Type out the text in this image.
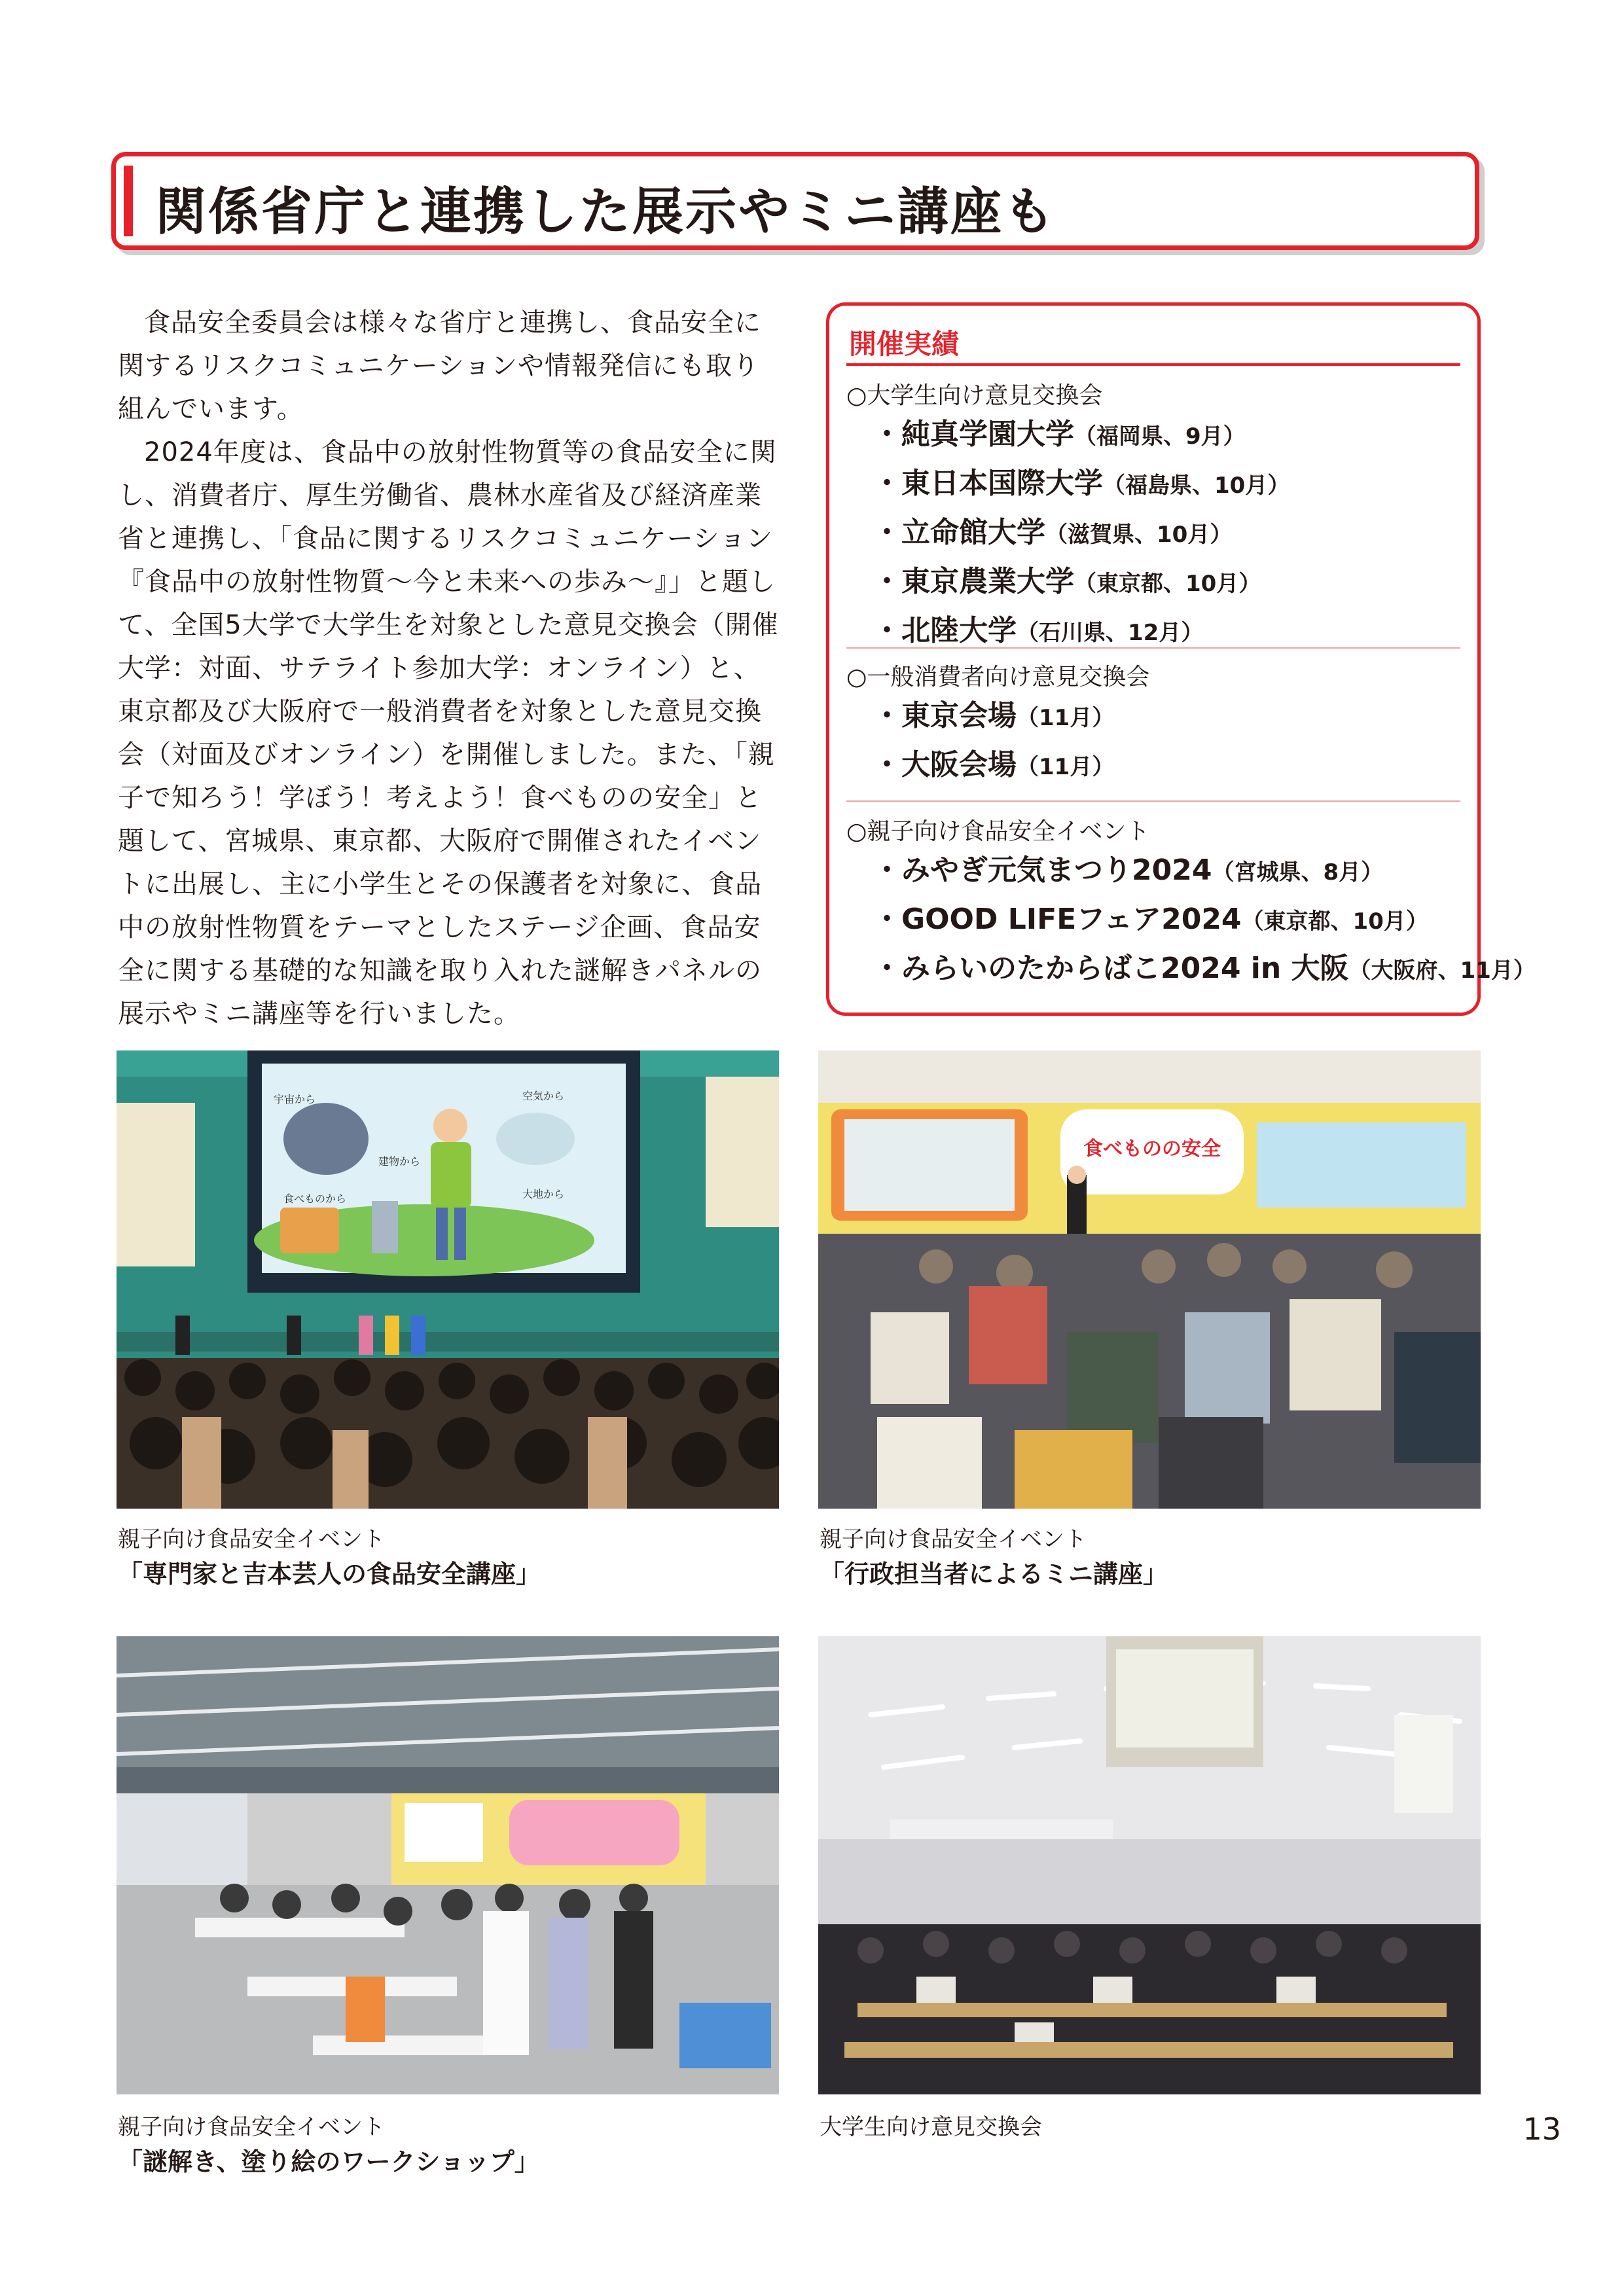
関係省庁と連携した展示やミニ講座も

食品安全委員会は様々な省庁と連携し、食品安全に関するリスクコミュニケーションや情報発信にも取り組んでいます。

2024年度は、食品中の放射性物質等の食品安全に関し、消費者庁、厚生労働省、農林水産省及び経済産業省と連携し、「食品に関するリスクコミュニケーション『食品中の放射性物質～今と未来への歩み～』」と題して、全国5大学で大学生を対象とした意見交換会（開催大学：対面、サテライト参加大学：オンライン）と、東京都及び大阪府で一般消費者を対象とした意見交換会（対面及びオンライン）を開催しました。また、「親子で知ろう！学ぼう！考えよう！食べものの安全」と題して、宮城県、東京都、大阪府で開催されたイベントに出展し、主に小学生とその保護者を対象に、食品中の放射性物質をテーマとしたステージ企画、食品安全に関する基礎的な知識を取り入れた謎解きパネルの展示やミニ講座等を行いました。

開催実績
○大学生向け意見交換会
・純真学園大学（福岡県、9月）
・東日本国際大学（福島県、10月）
・立命館大学（滋賀県、10月）
・東京農業大学（東京都、10月）
・北陸大学（石川県、12月）
○一般消費者向け意見交換会
・東京会場（11月）
・大阪会場（11月）
○親子向け食品安全イベント
・みやぎ元気まつり2024（宮城県、8月）
・GOOD LIFEフェア2024（東京都、10月）
・みらいのたからばこ2024 in 大阪（大阪府、11月）
宇宙から	空気から
建物から
食べものから	大地から
親子向け食品安全イベント
「専門家と吉本芸人の食品安全講座」
食べものの安全
親子向け食品安全イベント
「行政担当者によるミニ講座」
親子向け食品安全イベント
「謎解き、塗り絵のワークショップ」
大学生向け意見交換会	13
